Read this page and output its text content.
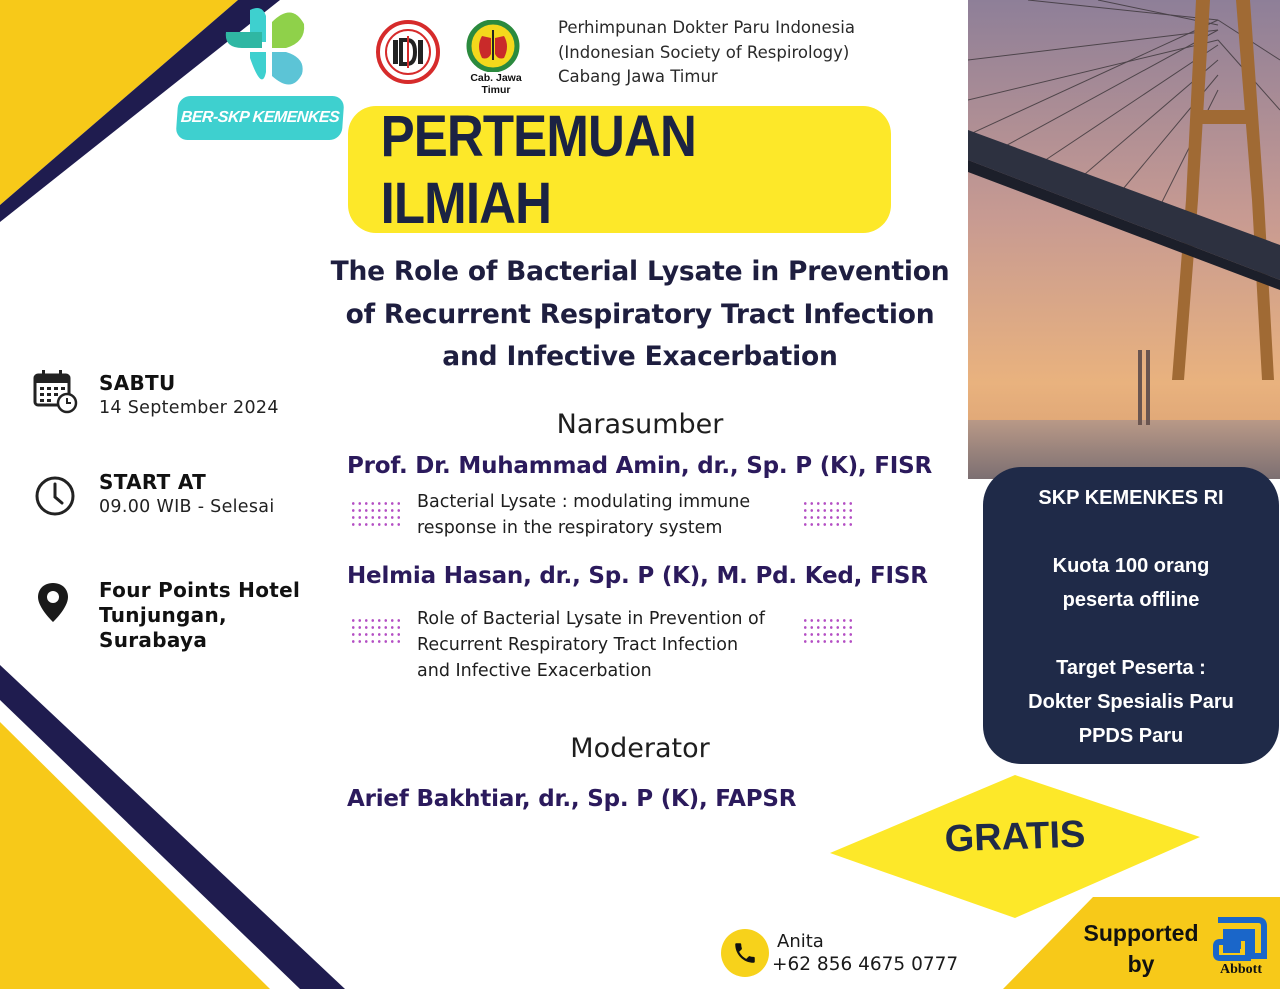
BER-SKP KEMENKES
Cab. Jawa Timur
Perhimpunan Dokter Paru Indonesia
(Indonesian Society of Respirology)
Cabang Jawa Timur
PERTEMUAN ILMIAH
The Role of Bacterial Lysate in Prevention
of Recurrent Respiratory Tract Infection
and Infective Exacerbation
SABTU
14 September 2024
START AT
09.00 WIB - Selesai
Four Points Hotel
Tunjungan,
Surabaya
Narasumber
Prof. Dr. Muhammad Amin, dr., Sp. P (K), FISR
Bacterial Lysate : modulating immune
response in the respiratory system
Helmia Hasan, dr., Sp. P (K), M. Pd. Ked, FISR
Role of Bacterial Lysate in Prevention of
Recurrent Respiratory Tract Infection
and Infective Exacerbation
Moderator
Arief Bakhtiar, dr., Sp. P (K), FAPSR
SKP KEMENKES RI
Kuota 100 orang
peserta offline
Target Peserta :
Dokter Spesialis Paru
PPDS Paru
GRATIS
Anita
+62 856 4675 0777
Supported
by	Abbott
